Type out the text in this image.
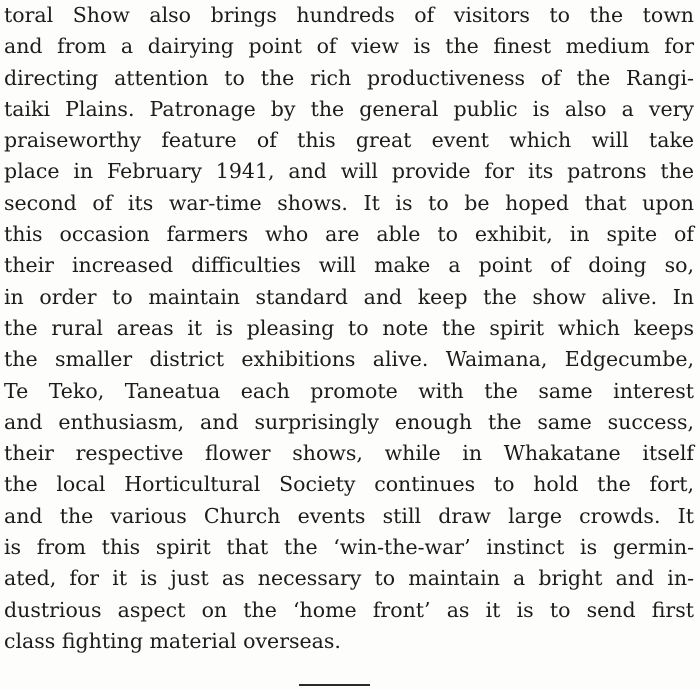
toral Show also brings hundreds of visitors to the town
and from a dairying point of view is the finest medium for
directing attention to the rich productiveness of the Rangi-
taiki Plains. Patronage by the general public is also a very
praiseworthy feature of this great event which will take
place in February 1941, and will provide for its patrons the
second of its war-time shows. It is to be hoped that upon
this occasion farmers who are able to exhibit, in spite of
their increased difficulties will make a point of doing so,
in order to maintain standard and keep the show alive. In
the rural areas it is pleasing to note the spirit which keeps
the smaller district exhibitions alive. Waimana, Edgecumbe,
Te Teko, Taneatua each promote with the same interest
and enthusiasm, and surprisingly enough the same success,
their respective flower shows, while in Whakatane itself
the local Horticultural Society continues to hold the fort,
and the various Church events still draw large crowds. It
is from this spirit that the ‘win-the-war’ instinct is germin-
ated, for it is just as necessary to maintain a bright and in-
dustrious aspect on the ‘home front’ as it is to send first
class fighting material overseas.
